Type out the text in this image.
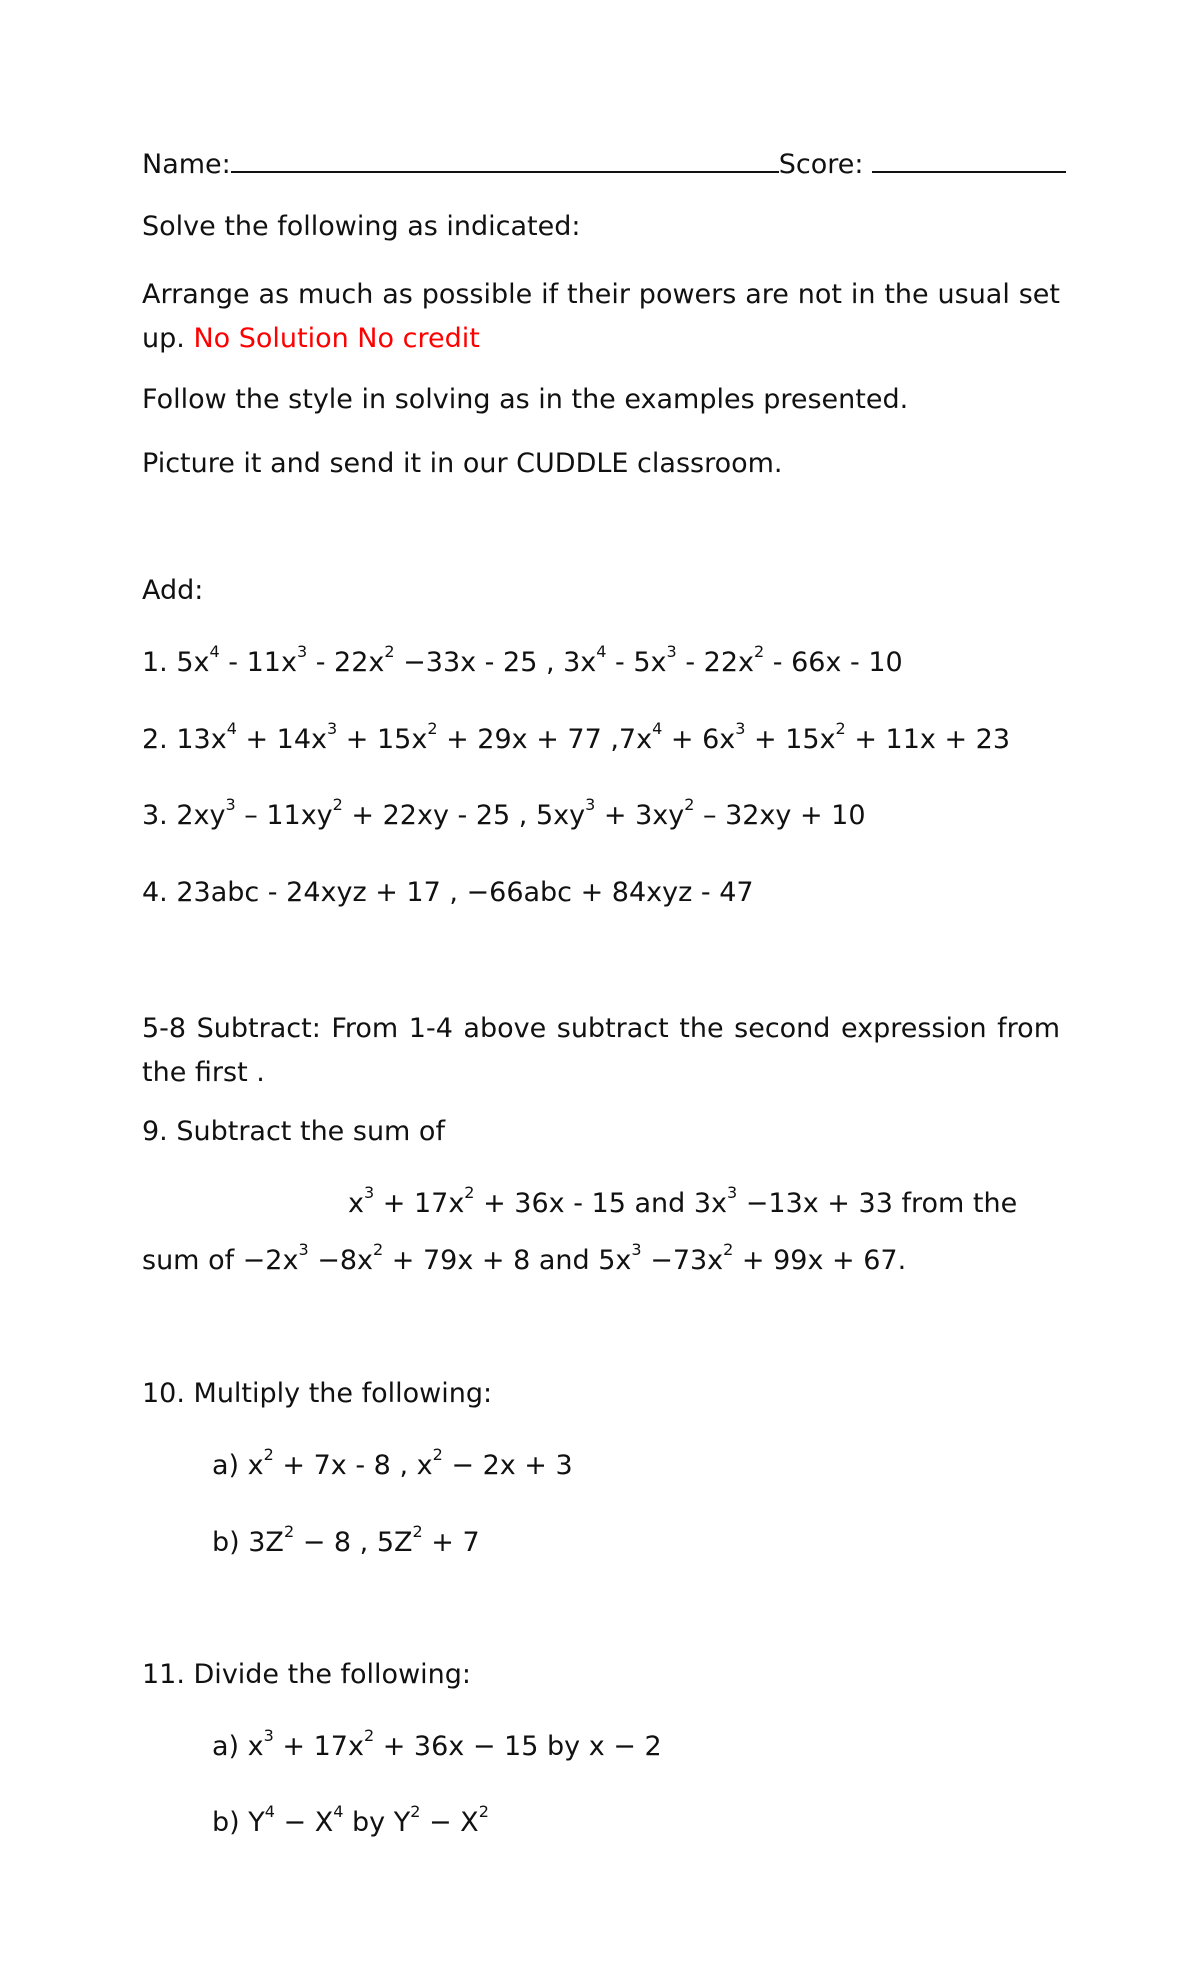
Name:	Score:
Solve the following as indicated:
Arrange as much as possible if their powers are not in the usual set up. No Solution No credit
Follow the style in solving as in the examples presented.
Picture it and send it in our CUDDLE classroom.
Add:
1. $5x^4 - 11x^3 - 22x^2 -33x - 25$ , $3x^4 - 5x^3 - 22x^2 - 66x - 10$
2. $13x^4 + 14x^3 + 15x^2 + 29x + 77$ $,7x^4 + 6x^3 + 15x^2 + 11x + 23$
3. $2xy^3 - 11xy^2 + 22xy - 25$ , $5xy^3 + 3xy^2 - 32xy + 10$
4. 23abc - 24xyz + 17 , −66abc + 84xyz - 47
5-8 Subtract: From 1-4 above subtract the second expression from the first .
9. Subtract the sum of
$x^3 + 17x^2 + 36x - 15$ and $3x^3 -13x + 33$ from the
sum of $-2x^3 -8x^2 + 79x + 8$ and $5x^3 -73x^2 + 99x + 67$.
10. Multiply the following:
a) $x^2 + 7x - 8$ , $x^2 - 2x + 3$
b) $3Z^2 - 8$ , $5Z^2 + 7$
11. Divide the following:
a) $x^3 + 17x^2 + 36x - 15$ by x − 2
b) $Y^4 - X^4$ by $Y^2 - X^2$
